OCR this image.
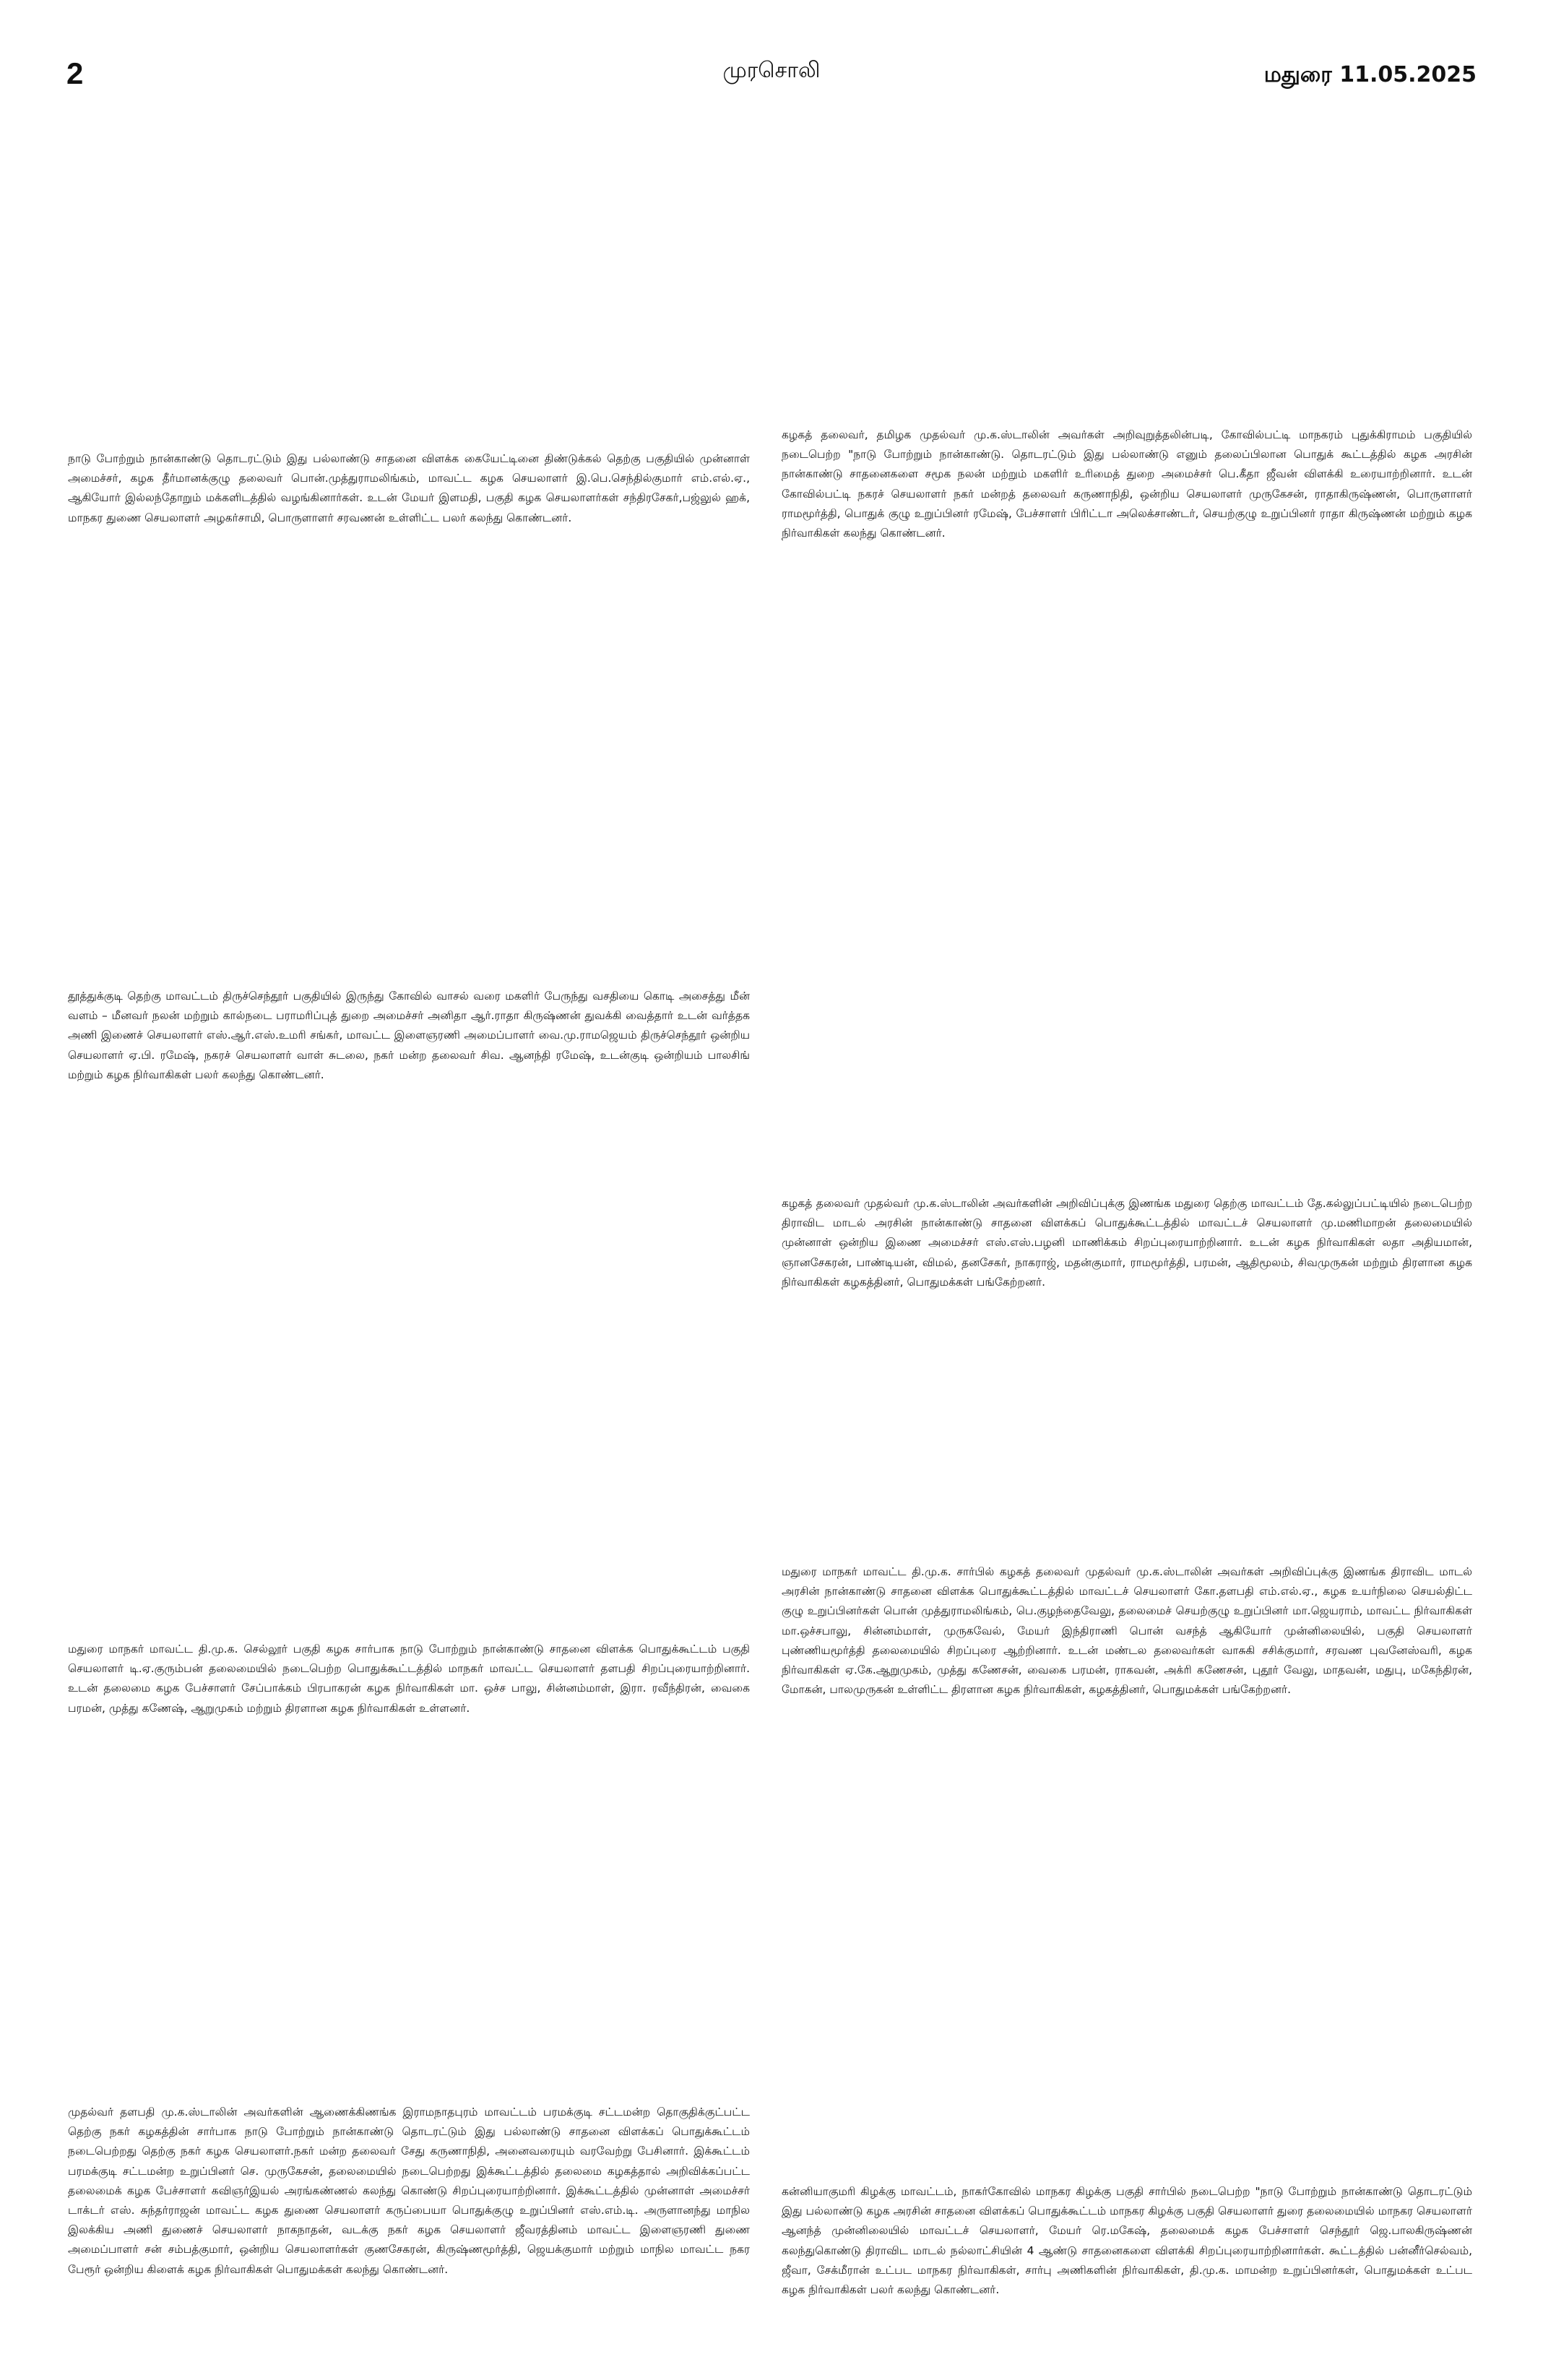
2	முரசொலி	மதுரை 11.05.2025

நாடு போற்றும் நான்காண்டு தொடரட்டும் இது பல்லாண்டு சாதனை விளக்க கையேட்டினை திண்டுக்கல் தெற்கு பகுதியில் முன்னாள் அமைச்சர், கழக தீர்மானக்குழு தலைவர் பொன்.முத்துராமலிங்கம், மாவட்ட கழக செயலாளர் இ.பெ.செந்தில்குமார் எம்.எல்.ஏ., ஆகியோர் இல்லந்தோறும் மக்களிடத்தில் வழங்கினார்கள். உடன் மேயர் இளமதி, பகுதி கழக செயலாளர்கள் சந்திரசேகர்,பஜ்லுல் ஹக், மாநகர துணை செயலாளர் அழகர்சாமி, பொருளாளர் சரவணன் உள்ளிட்ட பலர் கலந்து கொண்டனர்.

கழகத் தலைவர், தமிழக முதல்வர் மு.க.ஸ்டாலின் அவர்கள் அறிவுறுத்தலின்படி, கோவில்பட்டி மாநகரம் புதுக்கிராமம் பகுதியில் நடைபெற்ற "நாடு போற்றும் நான்காண்டு. தொடரட்டும் இது பல்லாண்டு எனும் தலைப்பிலான பொதுக் கூட்டத்தில் கழக அரசின் நான்காண்டு சாதனைகளை சமூக நலன் மற்றும் மகளிர் உரிமைத் துறை அமைச்சர் பெ.கீதா ஜீவன் விளக்கி உரையாற்றினார். உடன் கோவில்பட்டி நகரச் செயலாளர் நகர் மன்றத் தலைவர் கருணாநிதி, ஒன்றிய செயலாளர் முருகேசன், ராதாகிருஷ்ணன், பொருளாளர் ராமமூர்த்தி, பொதுக் குழு உறுப்பினர் ரமேஷ், பேச்சாளர் பிரிட்டா அலெக்சாண்டர், செயற்குழு உறுப்பினர் ராதா கிருஷ்ணன் மற்றும் கழக நிர்வாகிகள் கலந்து கொண்டனர்.

தூத்துக்குடி தெற்கு மாவட்டம் திருச்செந்தூர் பகுதியில் இருந்து கோவில் வாசல் வரை மகளிர் பேருந்து வசதியை கொடி அசைத்து மீன் வளம் – மீனவர் நலன் மற்றும் கால்நடை பராமரிப்புத் துறை அமைச்சர் அனிதா ஆர்.ராதா கிருஷ்ணன் துவக்கி வைத்தார் உடன் வர்த்தக அணி இணைச் செயலாளர் எஸ்.ஆர்.எஸ்.உமரி சங்கர், மாவட்ட இளைஞரணி அமைப்பாளர் வை.மு.ராமஜெயம் திருச்செந்தூர் ஒன்றிய செயலாளர் ஏ.பி. ரமேஷ், நகரச் செயலாளர் வாள் சுடலை, நகர் மன்ற தலைவர் சிவ. ஆனந்தி ரமேஷ், உடன்குடி ஒன்றியம் பாலசிங் மற்றும் கழக நிர்வாகிகள் பலர் கலந்து கொண்டனர்.

கழகத் தலைவர் முதல்வர் மு.க.ஸ்டாலின் அவர்களின் அறிவிப்புக்கு இணங்க மதுரை தெற்கு மாவட்டம் தே.கல்லுப்பட்டியில் நடைபெற்ற திராவிட மாடல் அரசின் நான்காண்டு சாதனை விளக்கப் பொதுக்கூட்டத்தில் மாவட்டச் செயலாளர் மு.மணிமாறன் தலைமையில் முன்னாள் ஒன்றிய இணை அமைச்சர் எஸ்.எஸ்.பழனி மாணிக்கம் சிறப்புரையாற்றினார். உடன் கழக நிர்வாகிகள் லதா அதியமான், ஞானசேகரன், பாண்டியன், விமல், தனசேகர், நாகராஜ், மதன்குமார், ராமமூர்த்தி, பரமன், ஆதிமூலம், சிவமுருகன் மற்றும் திரளான கழக நிர்வாகிகள் கழகத்தினர், பொதுமக்கள் பங்கேற்றனர்.

மதுரை மாநகர் மாவட்ட தி.மு.க. செல்லூர் பகுதி கழக சார்பாக நாடு போற்றும் நான்காண்டு சாதனை விளக்க பொதுக்கூட்டம் பகுதி செயலாளர் டி.ஏ.குரும்பன் தலைமையில் நடைபெற்ற பொதுக்கூட்டத்தில் மாநகர் மாவட்ட செயலாளர் தளபதி சிறப்புரையாற்றினார். உடன் தலைமை கழக பேச்சாளர் சேப்பாக்கம் பிரபாகரன் கழக நிர்வாகிகள் மா. ஒச்ச பாலு, சின்னம்மாள், இரா. ரவீந்திரன், வைகை பரமன், முத்து கணேஷ், ஆறுமுகம் மற்றும் திரளான கழக நிர்வாகிகள் உள்ளனர்.

மதுரை மாநகர் மாவட்ட தி.மு.க. சார்பில் கழகத் தலைவர் முதல்வர் மு.க.ஸ்டாலின் அவர்கள் அறிவிப்புக்கு இணங்க திராவிட மாடல் அரசின் நான்காண்டு சாதனை விளக்க பொதுக்கூட்டத்தில் மாவட்டச் செயலாளர் கோ.தளபதி எம்.எல்.ஏ., கழக உயர்நிலை செயல்திட்ட குழு உறுப்பினர்கள் பொன் முத்துராமலிங்கம், பெ.குழந்தைவேலு, தலைமைச் செயற்குழு உறுப்பினர் மா.ஜெயராம், மாவட்ட நிர்வாகிகள் மா.ஒச்சபாலு, சின்னம்மாள், முருகவேல், மேயர் இந்திராணி பொன் வசந்த் ஆகியோர் முன்னிலையில், பகுதி செயலாளர் புண்ணியமூர்த்தி தலைமையில் சிறப்புரை ஆற்றினார். உடன் மண்டல தலைவர்கள் வாசுகி சசிக்குமார், சரவண புவனேஸ்வரி, கழக நிர்வாகிகள் ஏ.கே.ஆறுமுகம், முத்து கணேசன், வைகை பரமன், ராகவன், அக்ரி கணேசன், புதூர் வேலு, மாதவன், மதுபு, மகேந்திரன், மோகன், பாலமுருகன் உள்ளிட்ட திரளான கழக நிர்வாகிகள், கழகத்தினர், பொதுமக்கள் பங்கேற்றனர்.

முதல்வர் தளபதி மு.க.ஸ்டாலின் அவர்களின் ஆணைக்கிணங்க இராமநாதபுரம் மாவட்டம் பரமக்குடி சட்டமன்ற தொகுதிக்குட்பட்ட தெற்கு நகர் கழகத்தின் சார்பாக நாடு போற்றும் நான்காண்டு தொடரட்டும் இது பல்லாண்டு சாதனை விளக்கப் பொதுக்கூட்டம் நடைபெற்றது தெற்கு நகர் கழக செயலாளர்.நகர் மன்ற தலைவர் சேது கருணாநிதி, அனைவரையும் வரவேற்று பேசினார். இக்கூட்டம் பரமக்குடி சட்டமன்ற உறுப்பினர் செ. முருகேசன், தலைமையில் நடைபெற்றது இக்கூட்டத்தில் தலைமை கழகத்தால் அறிவிக்கப்பட்ட தலைமைக் கழக பேச்சாளர் கவிஞர்இயல் அரங்கண்ணல் கலந்து கொண்டு சிறப்புரையாற்றினார். இக்கூட்டத்தில் முன்னாள் அமைச்சர் டாக்டர் எஸ். சுந்தர்ராஜன் மாவட்ட கழக துணை செயலாளர் கருப்பையா பொதுக்குழு உறுப்பினர் எஸ்.எம்.டி. அருளானந்து மாநில இலக்கிய அணி துணைச் செயலாளர் நாகநாதன், வடக்கு நகர் கழக செயலாளர் ஜீவரத்தினம் மாவட்ட இளைஞரணி துணை அமைப்பாளர் சன் சம்பத்குமார், ஒன்றிய செயலாளர்கள் குணசேகரன், கிருஷ்ணமூர்த்தி, ஜெயக்குமார் மற்றும் மாநில மாவட்ட நகர பேரூர் ஒன்றிய கிளைக் கழக நிர்வாகிகள் பொதுமக்கள் கலந்து கொண்டனர்.

கன்னியாகுமரி கிழக்கு மாவட்டம், நாகர்கோவில் மாநகர கிழக்கு பகுதி சார்பில் நடைபெற்ற "நாடு போற்றும் நான்காண்டு தொடரட்டும் இது பல்லாண்டு கழக அரசின் சாதனை விளக்கப் பொதுக்கூட்டம் மாநகர கிழக்கு பகுதி செயலாளர் துரை தலைமையில் மாநகர செயலாளர் ஆனந்த் முன்னிலையில் மாவட்டச் செயலாளர், மேயர் ரெ.மகேஷ், தலைமைக் கழக பேச்சாளர் செந்தூர் ஜெ.பாலகிருஷ்ணன் கலந்துகொண்டு திராவிட மாடல் நல்லாட்சியின் 4 ஆண்டு சாதனைகளை விளக்கி சிறப்புரையாற்றினார்கள். கூட்டத்தில் பன்னீர்செல்வம், ஜீவா, சேக்மீரான் உட்பட மாநகர நிர்வாகிகள், சார்பு அணிகளின் நிர்வாகிகள், தி.மு.க. மாமன்ற உறுப்பினர்கள், பொதுமக்கள் உட்பட கழக நிர்வாகிகள் பலர் கலந்து கொண்டனர்.
